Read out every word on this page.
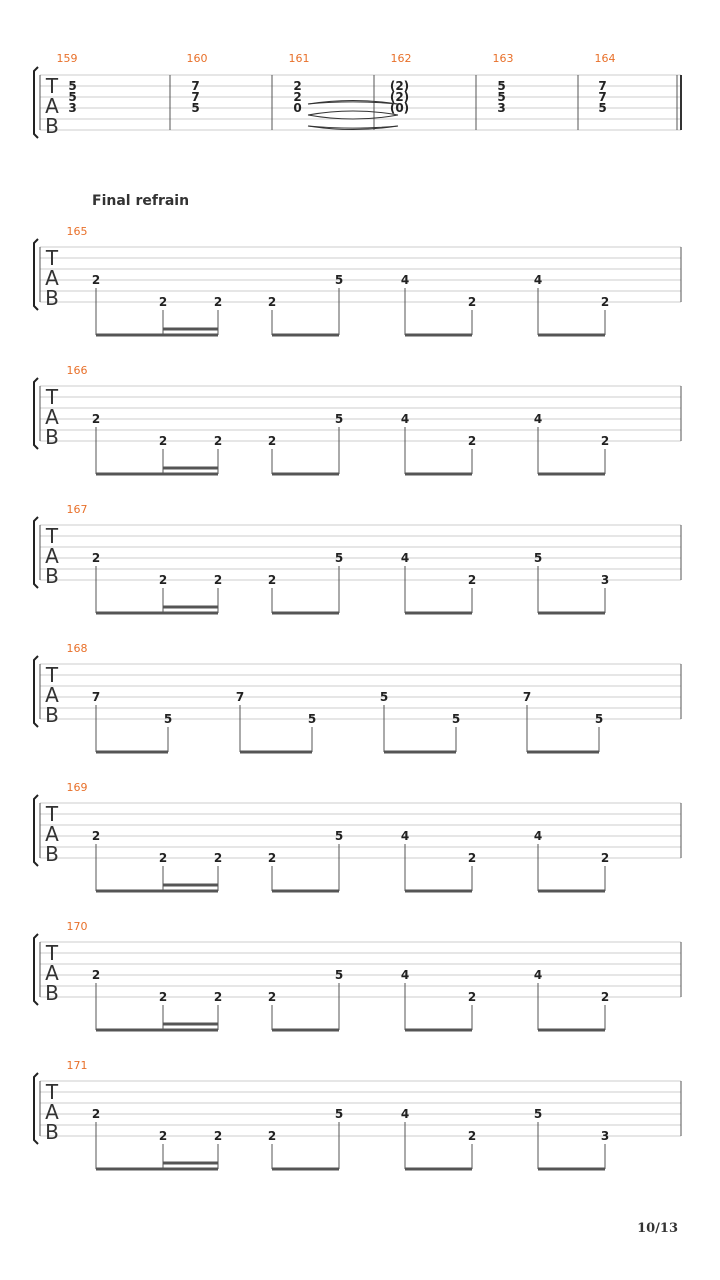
Final refrain
T
A
B
159
5
5
3
160
7
7
5
161
2
2
0
162
(2)
(2)
(0)
163
5
5
3
164
7
7
5
T
A
B
165
2
2	2	2
5	4
2
4
2
T
A
B
166
2
2	2	2
5	4
2
4
2
T
A
B
167
2
2	2	2
5	4
2
5
3
T
A
B
168
7
5
7
5
5
5
7
5
T
A
B
169
2
2	2	2
5	4
2
4
2
T
A
B
170
2
2	2	2
5	4
2
4
2
T
A
B
171
2
2	2	2
5	4
2
5
3
10/13
